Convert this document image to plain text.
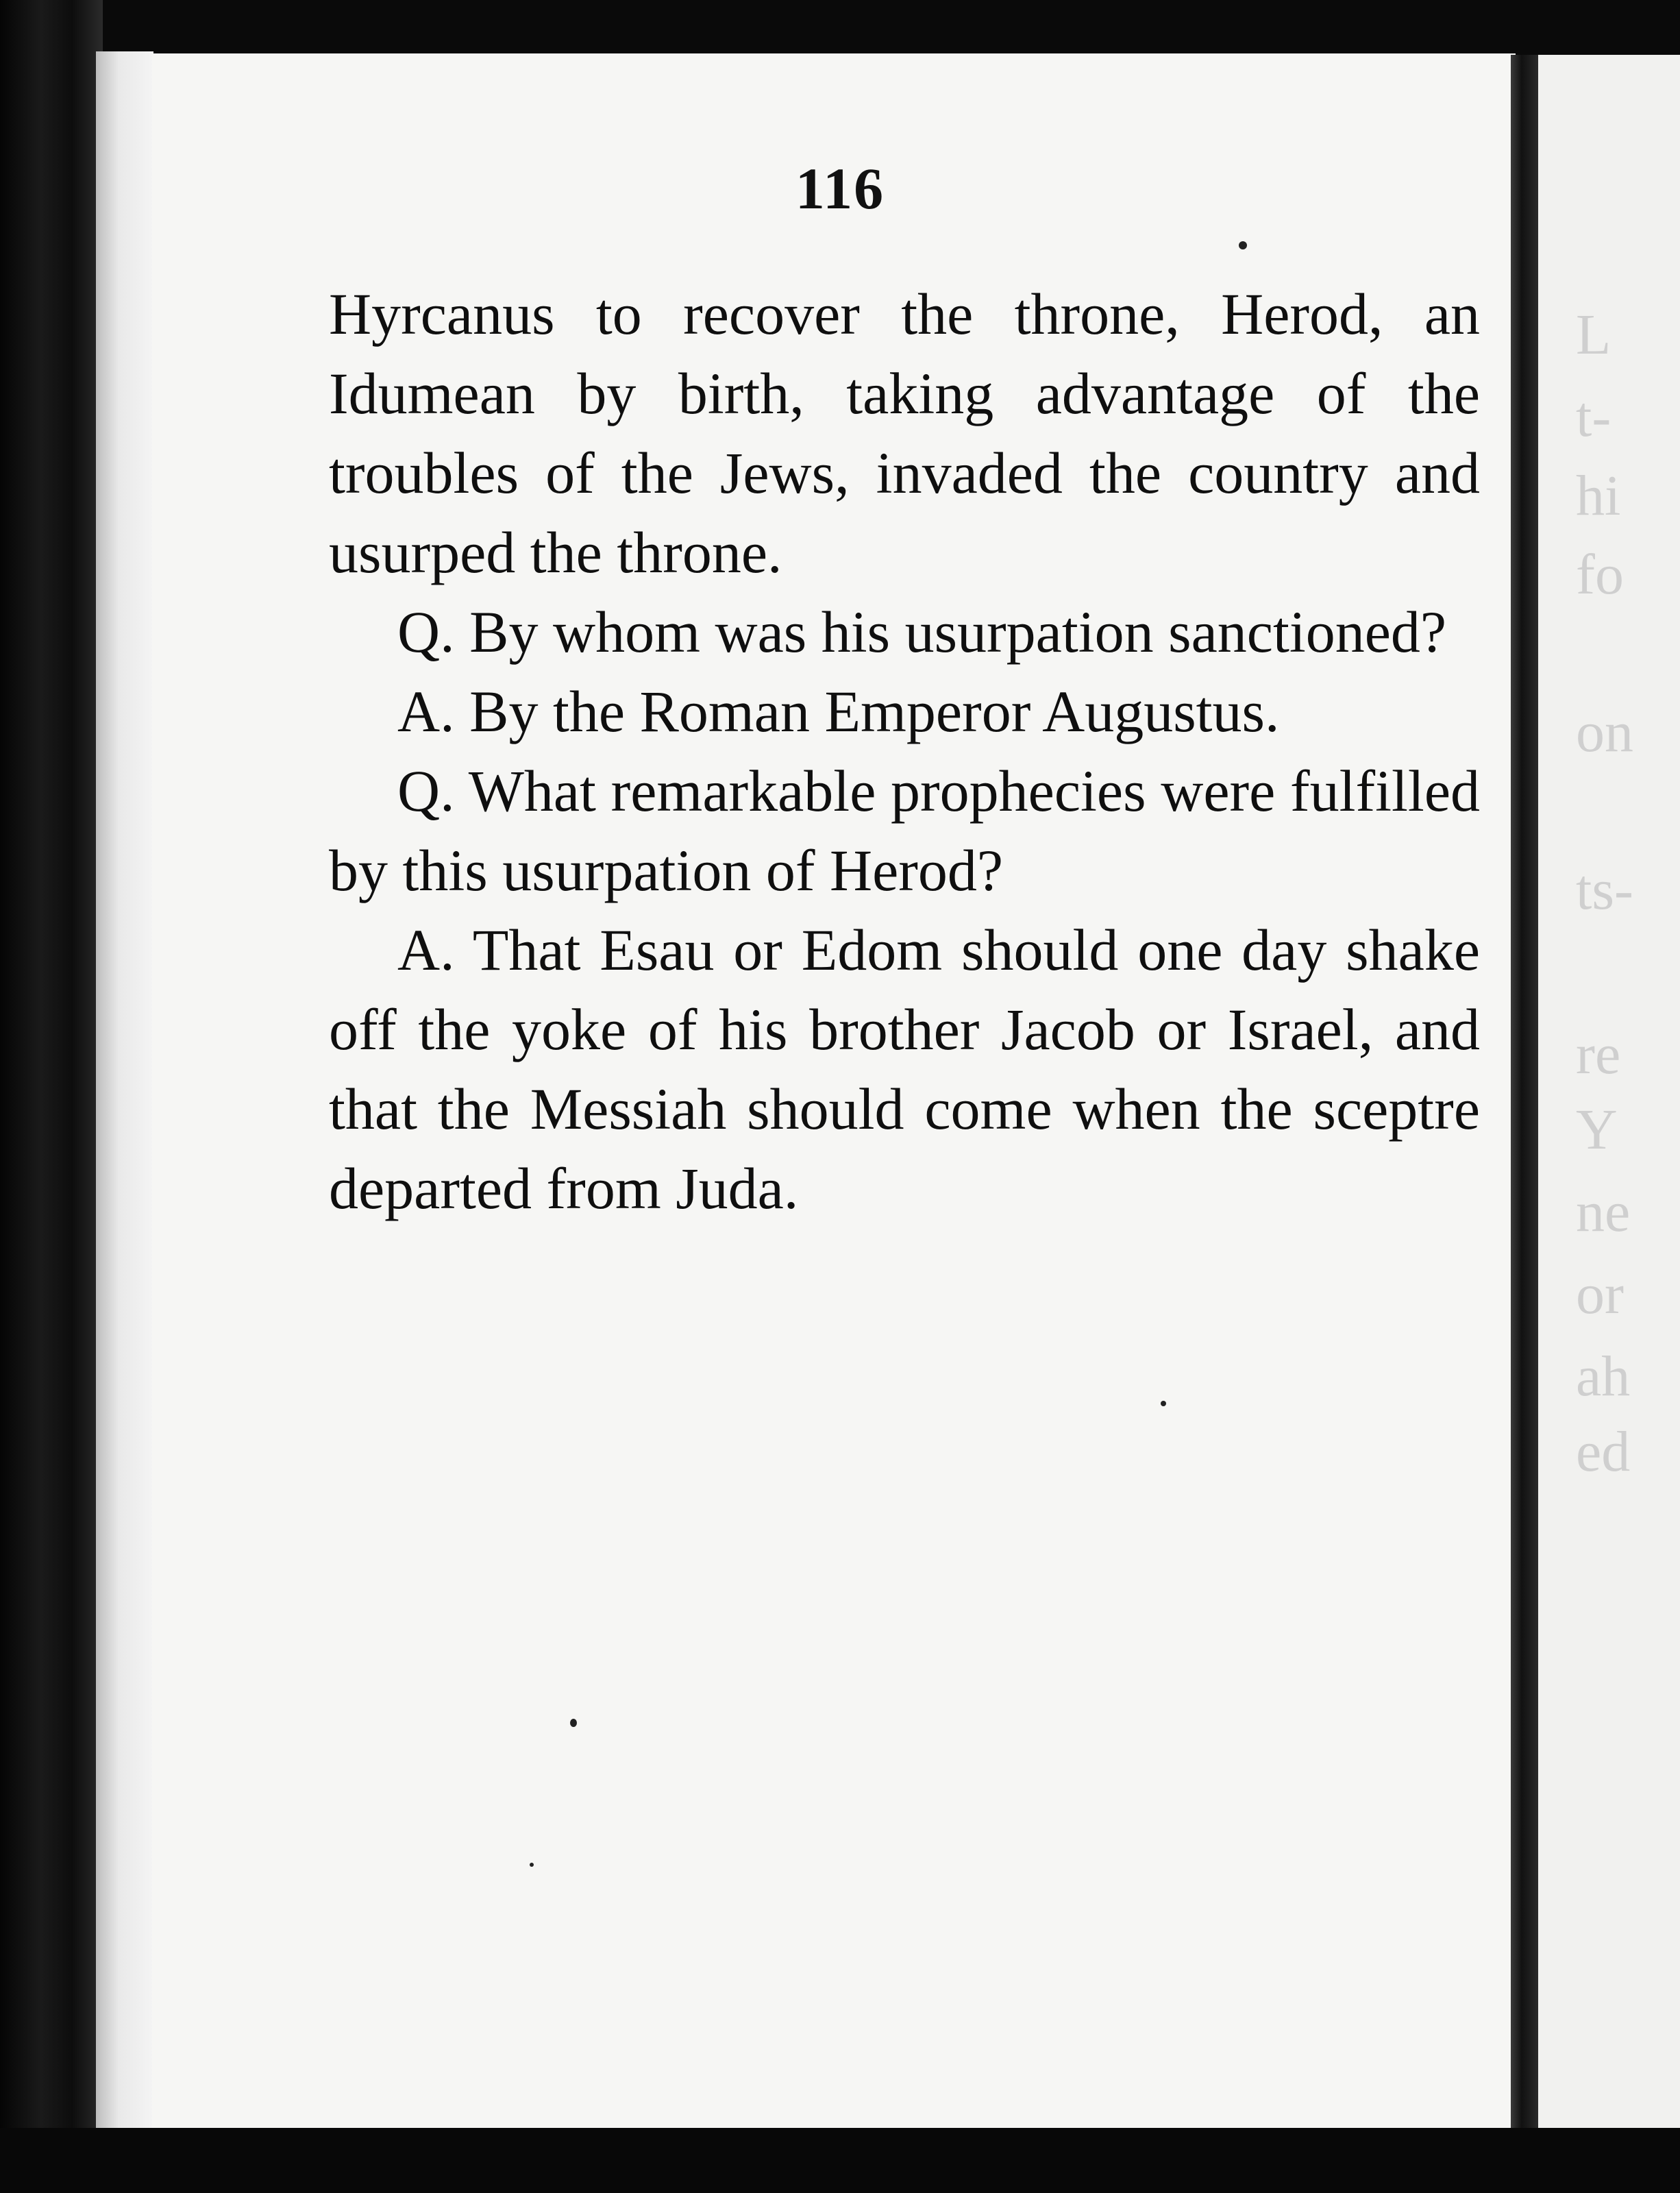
116

Hyrcanus to recover the throne, Herod, an Idumean by birth, taking advantage of the troubles of the Jews, invaded the country and usurped the throne.

Q. By whom was his usurpation sanctioned?

A. By the Roman Emperor Augustus.

Q. What remarkable prophecies were fulfilled by this usurpation of Herod?

A. That Esau or Edom should one day shake off the yoke of his brother Jacob or Israel, and that the Messiah should come when the sceptre departed from Juda.

L
t-
hi
fo
on
ts-
re
Y
ne
or
ah
ed
